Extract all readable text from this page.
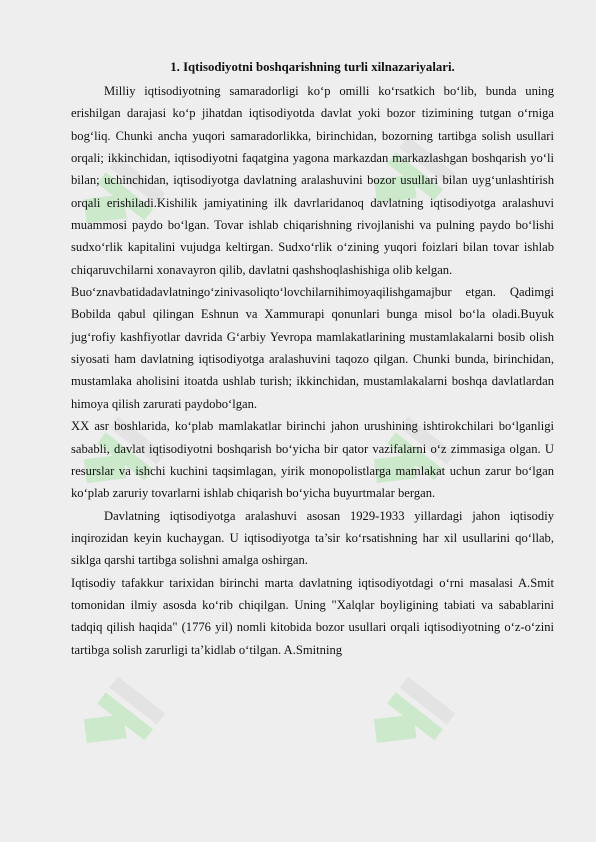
1. Iqtisodiyotni boshqarishning turli xilnazariyalari.

Milliy iqtisodiyotning samaradorligi ko‘p omilli ko‘rsatkich bo‘lib, bunda uning erishilgan darajasi ko‘p jihatdan iqtisodiyotda davlat yoki bozor tizimining tutgan o‘rniga bog‘liq. Chunki ancha yuqori samaradorlikka, birinchidan, bozorning tartibga solish usullari orqali; ikkinchidan, iqtisodiyotni faqatgina yagona markazdan markazlashgan boshqarish yo‘li bilan; uchinchidan, iqtisodiyotga davlatning aralashuvini bozor usullari bilan uyg‘unlashtirish orqali erishiladi.Kishilik jamiyatining ilk davrlaridanoq davlatning iqtisodiyotga aralashuvi muammosi paydo bo‘lgan. Tovar ishlab chiqarishning rivojlanishi va pulning paydo bo‘lishi sudxo‘rlik kapitalini vujudga keltirgan. Sudxo‘rlik o‘zining yuqori foizlari bilan tovar ishlab chiqaruvchilarni xonavayron qilib, davlatni qashshoqlashishiga olib kelgan.

Buo‘znavbatidadavlatningo‘zinivasoliqto‘lovchilarnihimoyaqilishgamajbur etgan. Qadimgi Bobilda qabul qilingan Eshnun va Xammurapi qonunlari bunga misol bo‘la oladi.Buyuk jug‘rofiy kashfiyotlar davrida G‘arbiy Yevropa mamlakatlarining mustamlakalarni bosib olish siyosati ham davlatning iqtisodiyotga aralashuvini taqozo qilgan. Chunki bunda, birinchidan, mustamlaka aholisini itoatda ushlab turish; ikkinchidan, mustamlakalarni boshqa davlatlardan himoya qilish zarurati paydobo‘lgan.

XX asr boshlarida, ko‘plab mamlakatlar birinchi jahon urushining ishtirokchilari bo‘lganligi sababli, davlat iqtisodiyotni boshqarish bo‘yicha bir qator vazifalarni o‘z zimmasiga olgan. U resurslar va ishchi kuchini taqsimlagan, yirik monopolistlarga mamlakat uchun zarur bo‘lgan ko‘plab zaruriy tovarlarni ishlab chiqarish bo‘yicha buyurtmalar bergan.

Davlatning iqtisodiyotga aralashuvi asosan 1929-1933 yillardagi jahon iqtisodiy inqirozidan keyin kuchaygan. U iqtisodiyotga ta’sir ko‘rsatishning har xil usullarini qo‘llab, siklga qarshi tartibga solishni amalga oshirgan.

Iqtisodiy tafakkur tarixidan birinchi marta davlatning iqtisodiyotdagi o‘rni masalasi A.Smit tomonidan ilmiy asosda ko‘rib chiqilgan. Uning "Xalqlar boyligining tabiati va sabablarini tadqiq qilish haqida" (1776 yil) nomli kitobida bozor usullari orqali iqtisodiyotning o‘z-o‘zini tartibga solish zarurligi ta’kidlab o‘tilgan. A.Smitning
